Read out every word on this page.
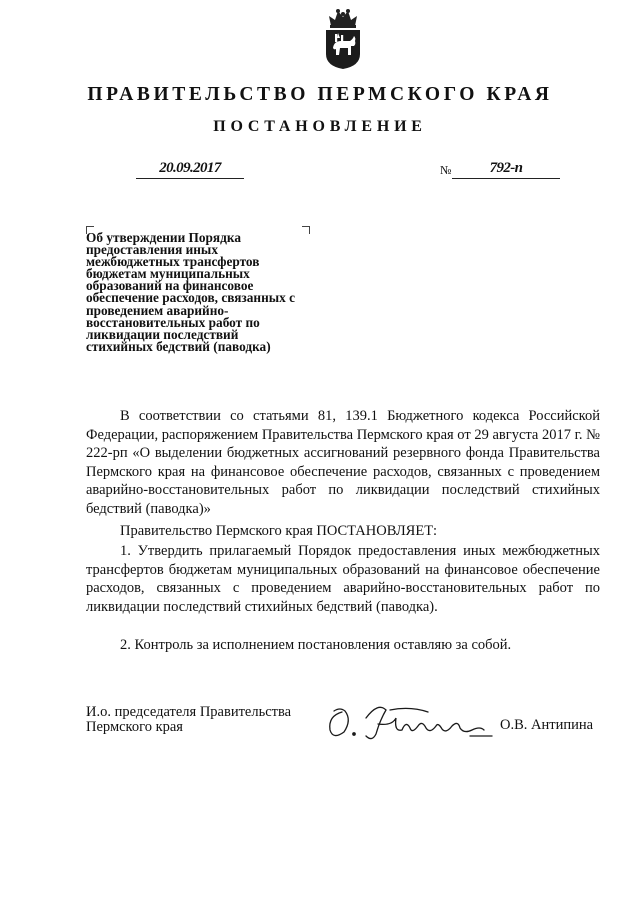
ПРАВИТЕЛЬСТВО ПЕРМСКОГО КРАЯ
ПОСТАНОВЛЕНИЕ
20.09.2017	№	792-п

Об утверждении Порядка предоставления иных межбюджетных трансфертов бюджетам муниципальных образований на финансовое обеспечение расходов, связанных с проведением аварийно-восстановительных работ по ликвидации последствий стихийных бедствий (паводка)

В соответствии со статьями 81, 139.1 Бюджетного кодекса Российской Федерации, распоряжением Правительства Пермского края от 29 августа 2017 г. № 222-рп «О выделении бюджетных ассигнований резервного фонда Правительства Пермского края на финансовое обеспечение расходов, связанных с проведением аварийно-восстановительных работ по ликвидации последствий стихийных бедствий (паводка)»

Правительство Пермского края ПОСТАНОВЛЯЕТ:

1. Утвердить прилагаемый Порядок предоставления иных межбюджетных трансфертов бюджетам муниципальных образований на финансовое обеспечение расходов, связанных с проведением аварийно-восстановительных работ по ликвидации последствий стихийных бедствий (паводка).

2. Контроль за исполнением постановления оставляю за собой.

И.о. председателя Правительства Пермского края	О.В. Антипина
